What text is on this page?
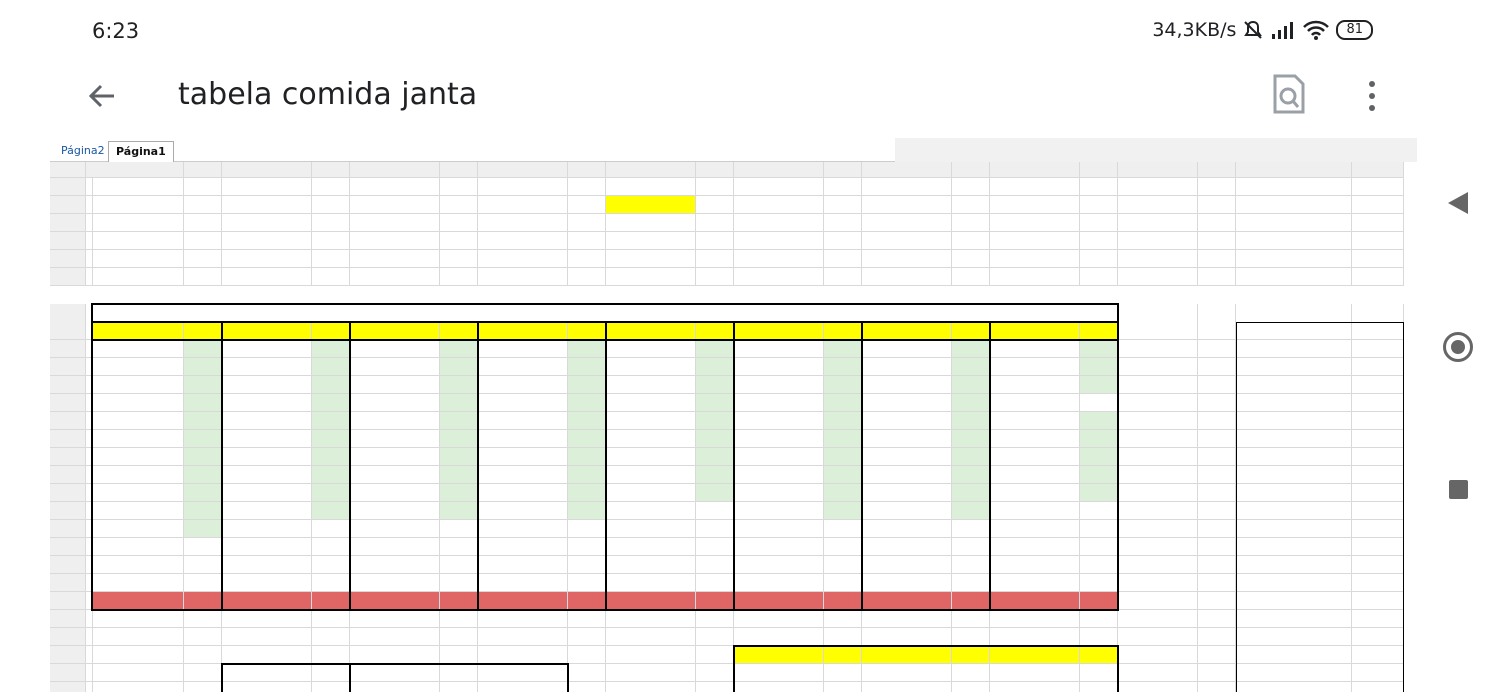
6:23	34,3KB/s	81
tabela comida janta
Página2	Página1
